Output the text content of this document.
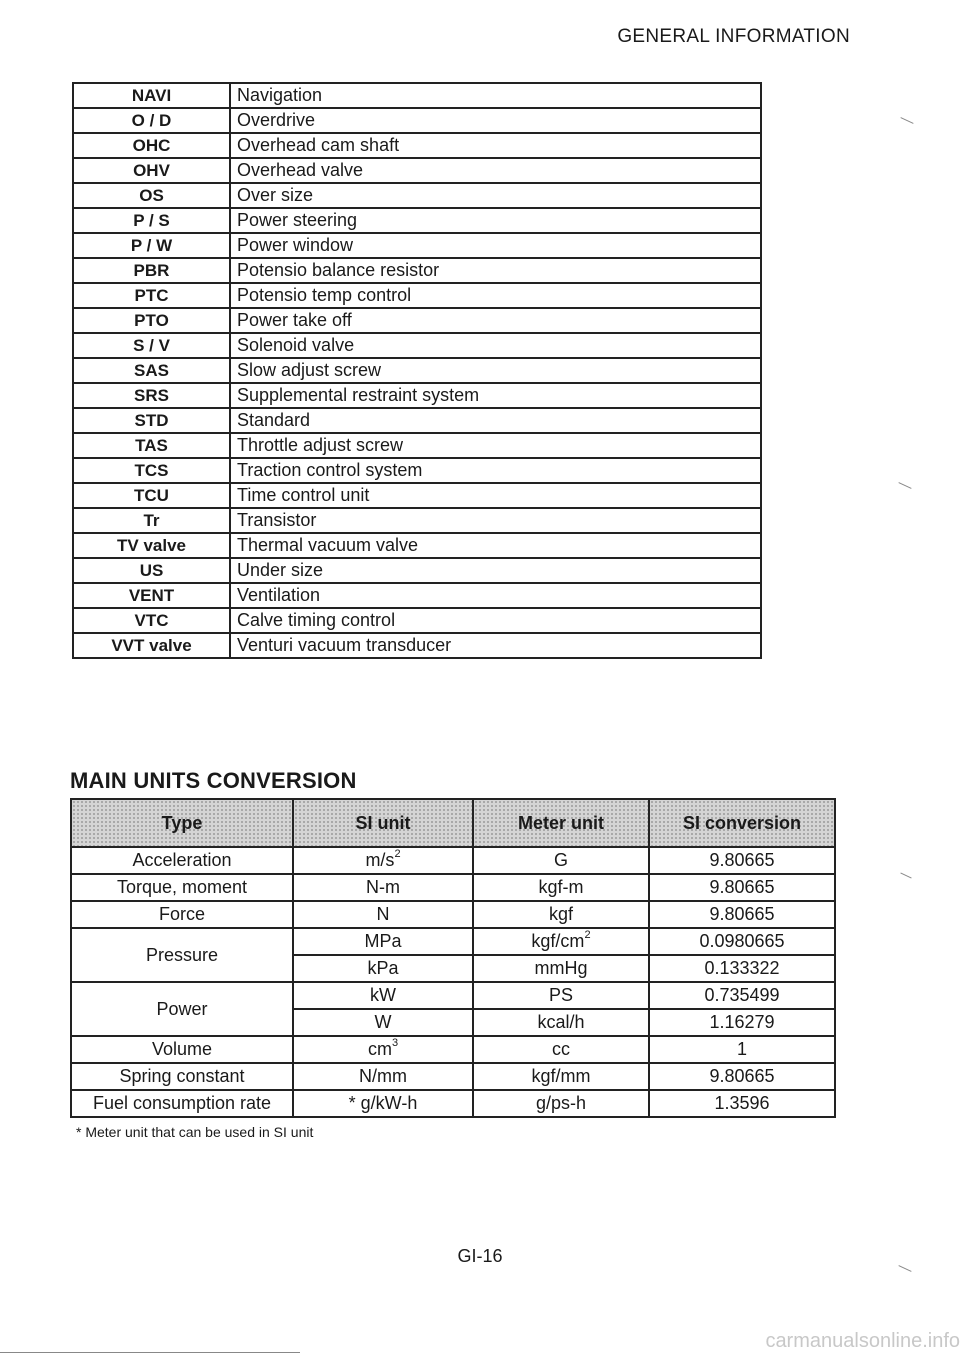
GENERAL INFORMATION
NAVI	Navigation
O / D	Overdrive
OHC	Overhead cam shaft
OHV	Overhead valve
OS	Over size
P / S	Power steering
P / W	Power window
PBR	Potensio balance resistor
PTC	Potensio temp control
PTO	Power take off
S / V	Solenoid valve
SAS	Slow adjust screw
SRS	Supplemental restraint system
STD	Standard
TAS	Throttle adjust screw
TCS	Traction control system
TCU	Time control unit
Tr	Transistor
TV valve	Thermal vacuum valve
US	Under size
VENT	Ventilation
VTC	Calve timing control
VVT valve	Venturi vacuum transducer
MAIN UNITS CONVERSION
Type	SI unit	Meter unit	SI conversion
Acceleration	$m/s^2$	G	9.80665
Torque, moment	N-m	kgf-m	9.80665
Force	N	kgf	9.80665
Pressure	MPa	kgf/$cm^2$	0.0980665
	kPa	mmHg	0.133322
Power	kW	PS	0.735499
	W	kcal/h	1.16279
Volume	$cm^3$	cc	1
Spring constant	N/mm	kgf/mm	9.80665
Fuel consumption rate	* g/kW-h	g/ps-h	1.3596
* Meter unit that can be used in SI unit
GI-16
carmanualsonline.info
